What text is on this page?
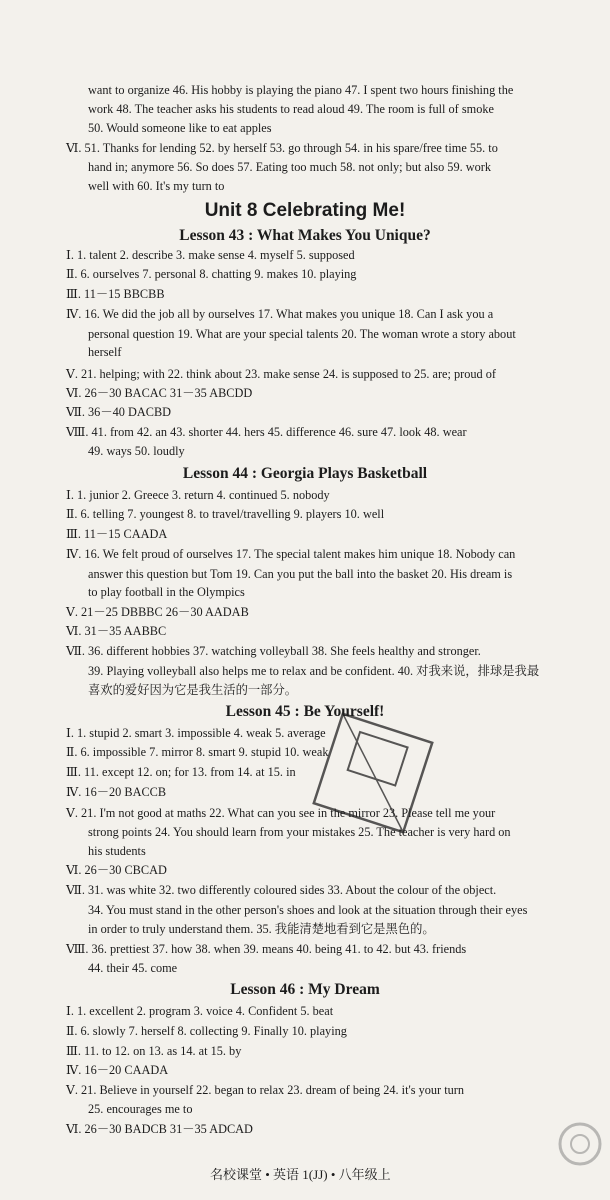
want to organize 46. His hobby is playing the piano 47. I spent two hours finishing the
work 48. The teacher asks his students to read aloud 49. The room is full of smoke
50. Would someone like to eat apples
Ⅵ. 51. Thanks for lending 52. by herself 53. go through 54. in his spare/free time 55. to
hand in; anymore 56. So does 57. Eating too much 58. not only; but also 59. work
well with 60. It's my turn to
Ⅰ. 1. talent 2. describe 3. make sense 4. myself 5. supposed
Ⅱ. 6. ourselves 7. personal 8. chatting 9. makes 10. playing
Ⅲ. 11－15 BBCBB
Ⅳ. 16. We did the job all by ourselves 17. What makes you unique 18. Can I ask you a
personal question 19. What are your special talents 20. The woman wrote a story about
herself
Ⅴ. 21. helping; with 22. think about 23. make sense 24. is supposed to 25. are; proud of
Ⅵ. 26－30 BACAC 31－35 ABCDD
Ⅶ. 36－40 DACBD
Ⅷ. 41. from 42. an 43. shorter 44. hers 45. difference 46. sure 47. look 48. wear
49. ways 50. loudly
Ⅰ. 1. junior 2. Greece 3. return 4. continued 5. nobody
Ⅱ. 6. telling 7. youngest 8. to travel/travelling 9. players 10. well
Ⅲ. 11－15 CAADA
Ⅳ. 16. We felt proud of ourselves 17. The special talent makes him unique 18. Nobody can
answer this question but Tom 19. Can you put the ball into the basket 20. His dream is
to play football in the Olympics
Ⅴ. 21－25 DBBBC 26－30 AADAB
Ⅵ. 31－35 AABBC
Ⅶ. 36. different hobbies 37. watching volleyball 38. She feels healthy and stronger.
39. Playing volleyball also helps me to relax and be confident. 40. 对我来说，排球是我最
喜欢的爱好因为它是我生活的一部分。
Ⅰ. 1. stupid 2. smart 3. impossible 4. weak 5. average
Ⅱ. 6. impossible 7. mirror 8. smart 9. stupid 10. weak
Ⅲ. 11. except 12. on; for 13. from 14. at 15. in
Ⅳ. 16－20 BACCB
Ⅴ. 21. I'm not good at maths 22. What can you see in the mirror 23. Please tell me your
strong points 24. You should learn from your mistakes 25. The teacher is very hard on
his students
Ⅵ. 26－30 CBCAD
Ⅶ. 31. was white 32. two differently coloured sides 33. About the colour of the object.
34. You must stand in the other person's shoes and look at the situation through their eyes
in order to truly understand them. 35. 我能清楚地看到它是黑色的。
Ⅷ. 36. prettiest 37. how 38. when 39. means 40. being 41. to 42. but 43. friends
44. their 45. come
Ⅰ. 1. excellent 2. program 3. voice 4. Confident 5. beat
Ⅱ. 6. slowly 7. herself 8. collecting 9. Finally 10. playing
Ⅲ. 11. to 12. on 13. as 14. at 15. by
Ⅳ. 16－20 CAADA
Ⅴ. 21. Believe in yourself 22. began to relax 23. dream of being 24. it's your turn
25. encourages me to
Ⅵ. 26－30 BADCB 31－35 ADCAD
Unit 8 Celebrating Me!
Lesson 43 : What Makes You Unique?
Lesson 44 : Georgia Plays Basketball
Lesson 45 : Be Yourself!
Lesson 46 : My Dream
名校课堂 • 英语 1(JJ) • 八年级上
